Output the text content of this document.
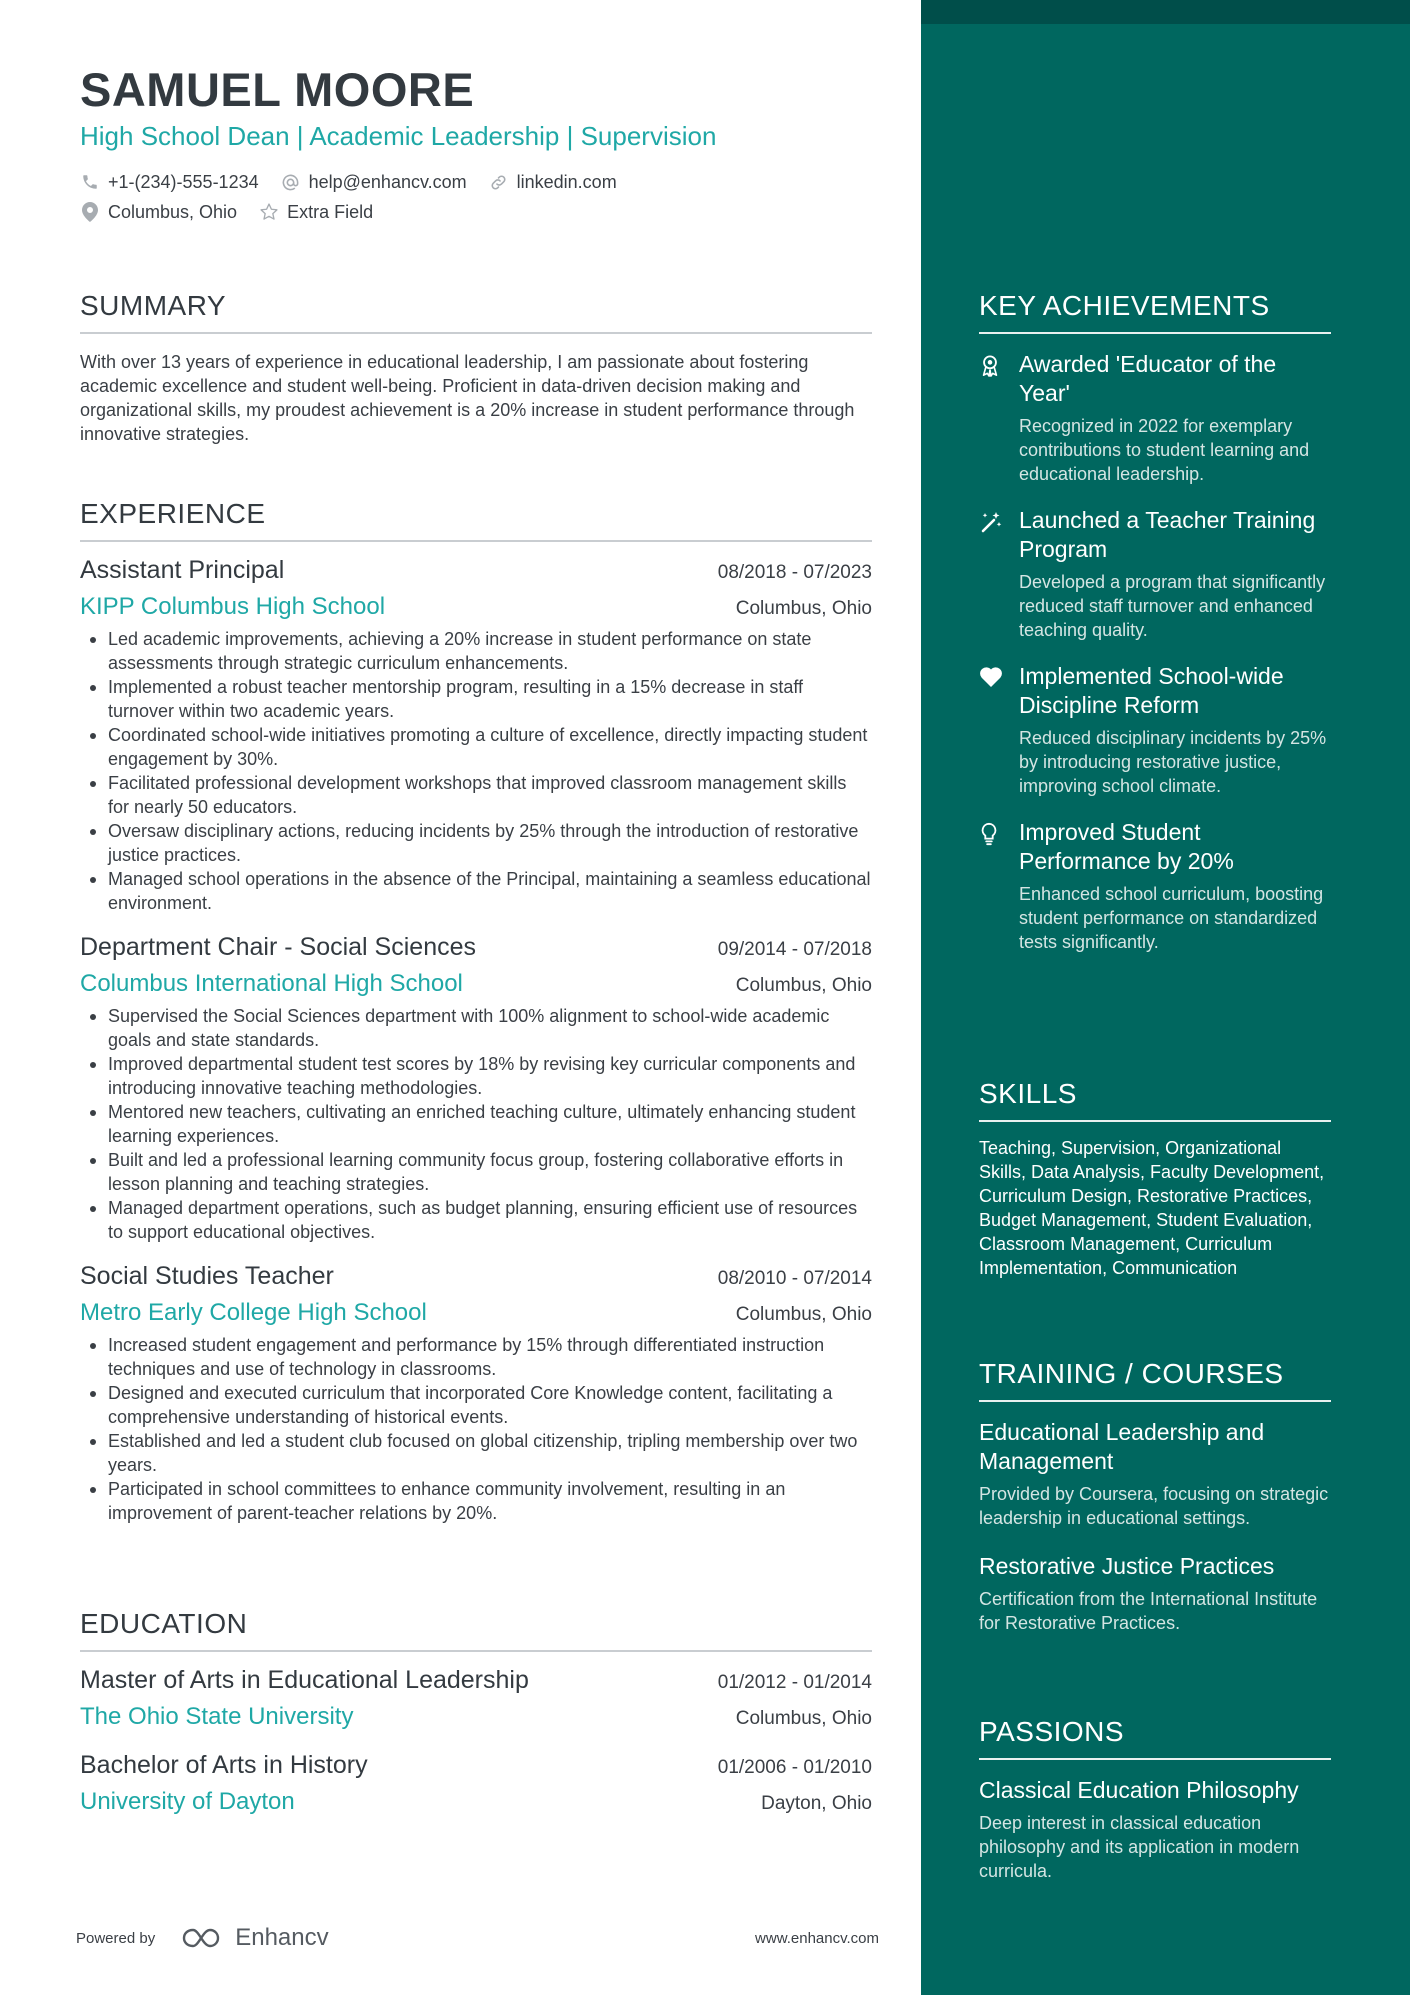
SAMUEL MOORE
High School Dean | Academic Leadership | Supervision
+1-(234)-555-1234	help@enhancv.com	linkedin.com
Columbus, Ohio	Extra Field
SUMMARY
With over 13 years of experience in educational leadership, I am passionate about fostering academic excellence and student well-being. Proficient in data-driven decision making and organizational skills, my proudest achievement is a 20% increase in student performance through innovative strategies.
EXPERIENCE
Assistant Principal	08/2018 - 07/2023
KIPP Columbus High School	Columbus, Ohio
Led academic improvements, achieving a 20% increase in student performance on state assessments through strategic curriculum enhancements.
Implemented a robust teacher mentorship program, resulting in a 15% decrease in staff turnover within two academic years.
Coordinated school-wide initiatives promoting a culture of excellence, directly impacting student engagement by 30%.
Facilitated professional development workshops that improved classroom management skills for nearly 50 educators.
Oversaw disciplinary actions, reducing incidents by 25% through the introduction of restorative justice practices.
Managed school operations in the absence of the Principal, maintaining a seamless educational environment.
Department Chair - Social Sciences	09/2014 - 07/2018
Columbus International High School	Columbus, Ohio
Supervised the Social Sciences department with 100% alignment to school-wide academic goals and state standards.
Improved departmental student test scores by 18% by revising key curricular components and introducing innovative teaching methodologies.
Mentored new teachers, cultivating an enriched teaching culture, ultimately enhancing student learning experiences.
Built and led a professional learning community focus group, fostering collaborative efforts in lesson planning and teaching strategies.
Managed department operations, such as budget planning, ensuring efficient use of resources to support educational objectives.
Social Studies Teacher	08/2010 - 07/2014
Metro Early College High School	Columbus, Ohio
Increased student engagement and performance by 15% through differentiated instruction techniques and use of technology in classrooms.
Designed and executed curriculum that incorporated Core Knowledge content, facilitating a comprehensive understanding of historical events.
Established and led a student club focused on global citizenship, tripling membership over two years.
Participated in school committees to enhance community involvement, resulting in an improvement of parent-teacher relations by 20%.
EDUCATION
Master of Arts in Educational Leadership	01/2012 - 01/2014
The Ohio State University	Columbus, Ohio
Bachelor of Arts in History	01/2006 - 01/2010
University of Dayton	Dayton, Ohio
Powered by	Enhancv	www.enhancv.com
KEY ACHIEVEMENTS
Awarded 'Educator of the Year'
Recognized in 2022 for exemplary contributions to student learning and educational leadership.
Launched a Teacher Training Program
Developed a program that significantly reduced staff turnover and enhanced teaching quality.
Implemented School-wide Discipline Reform
Reduced disciplinary incidents by 25% by introducing restorative justice, improving school climate.
Improved Student Performance by 20%
Enhanced school curriculum, boosting student performance on standardized tests significantly.
SKILLS
Teaching, Supervision, Organizational Skills, Data Analysis, Faculty Development, Curriculum Design, Restorative Practices, Budget Management, Student Evaluation, Classroom Management, Curriculum Implementation, Communication
TRAINING / COURSES
Educational Leadership and Management
Provided by Coursera, focusing on strategic leadership in educational settings.
Restorative Justice Practices
Certification from the International Institute for Restorative Practices.
PASSIONS
Classical Education Philosophy
Deep interest in classical education philosophy and its application in modern curricula.
